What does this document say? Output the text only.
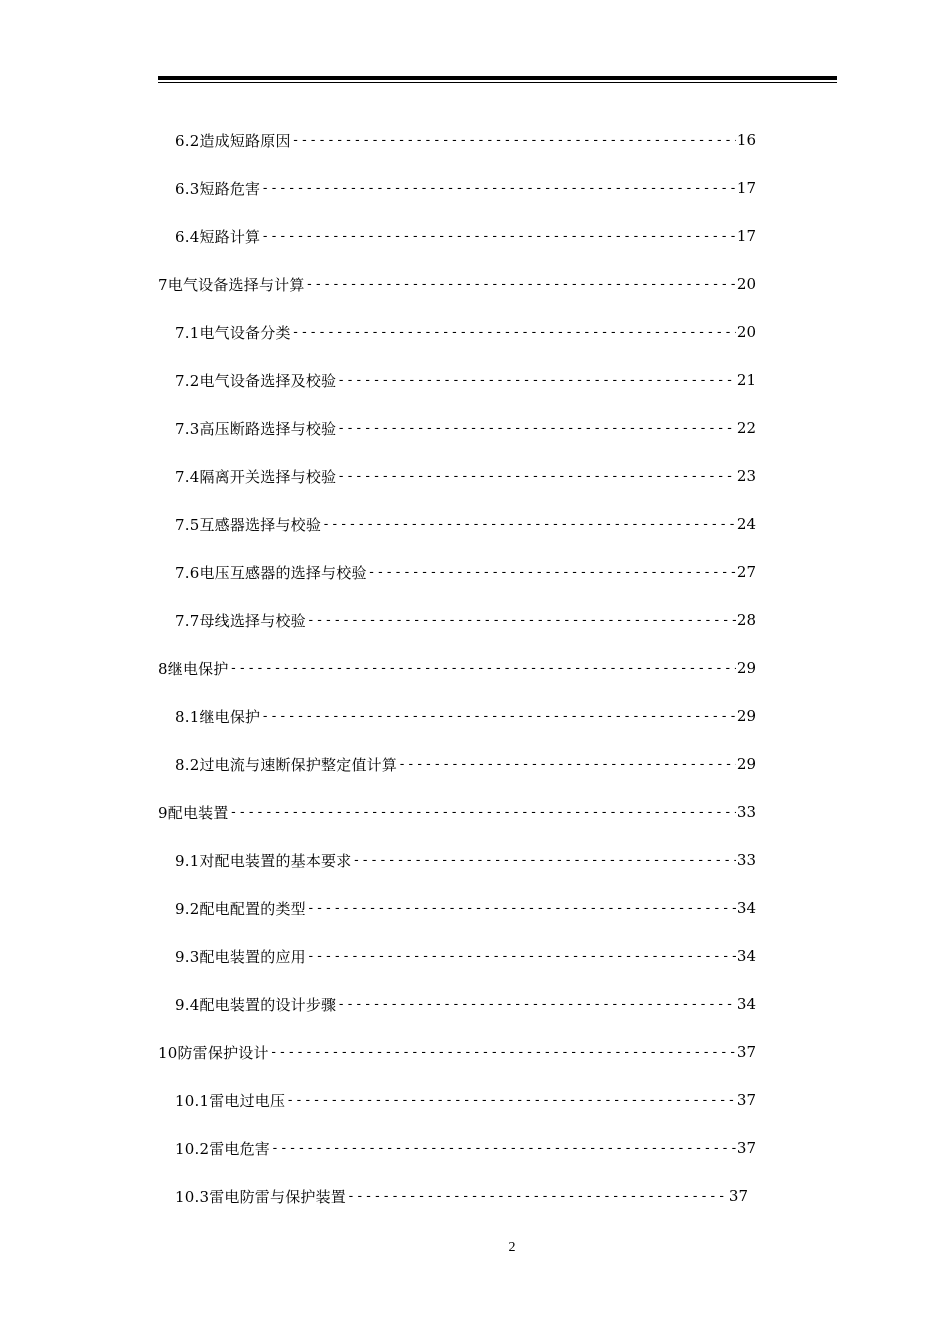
6.2造成短路原因 -----	16
6.3短路危害 -----	17
6.4短路计算 -----	17
7电气设备选择与计算 -----	20
7.1电气设备分类 -----	20
7.2电气设备选择及校验 -----	21
7.3高压断路选择与校验 -----	22
7.4隔离开关选择与校验 -----	23
7.5互感器选择与校验 -----	24
7.6电压互感器的选择与校验 -----	27
7.7母线选择与校验 -----	28
8继电保护 -----	29
8.1继电保护 -----	29
8.2过电流与速断保护整定值计算 -----	29
9配电装置 -----	33
9.1对配电装置的基本要求 -----	33
9.2配电配置的类型 -----	34
9.3配电装置的应用 -----	34
9.4配电装置的设计步骤 -----	34
10防雷保护设计 -----	37
10.1雷电过电压 -----	37
10.2雷电危害 -----	37
10.3雷电防雷与保护装置 -----	37
2
